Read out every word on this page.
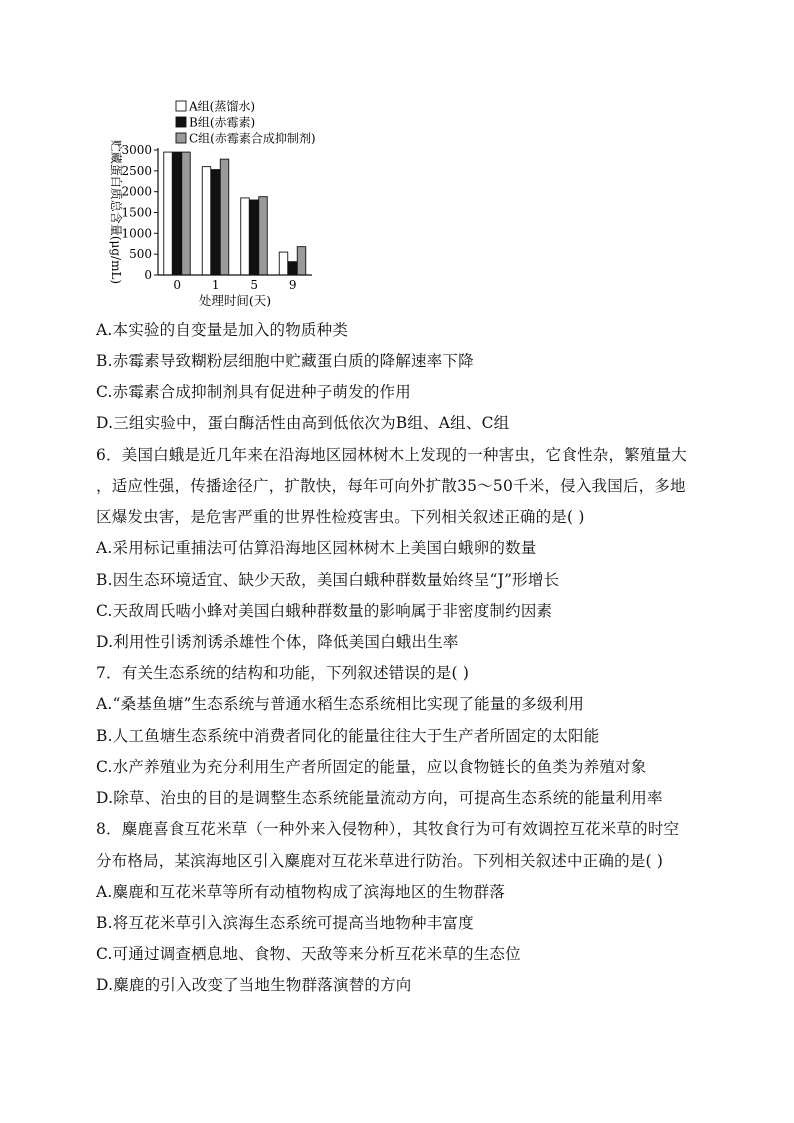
A组(蒸馏水)
B组(赤霉素)
C组(赤霉素合成抑制剂)
贮藏蛋白质总含量(μg/mL) 0
500
1000
1500
2000
2500
3000
0	1	5	9
处理时间(天)
A.本实验的自变量是加入的物质种类
B.赤霉素导致糊粉层细胞中贮藏蛋白质的降解速率下降
C.赤霉素合成抑制剂具有促进种子萌发的作用
D.三组实验中，蛋白酶活性由高到低依次为B组、A组、C组
6．美国白蛾是近几年来在沿海地区园林树木上发现的一种害虫，它食性杂，繁殖量大
，适应性强，传播途径广，扩散快，每年可向外扩散35～50千米，侵入我国后，多地
区爆发虫害，是危害严重的世界性检疫害虫。下列相关叙述正确的是( )
A.采用标记重捕法可估算沿海地区园林树木上美国白蛾卵的数量
B.因生态环境适宜、缺少天敌，美国白蛾种群数量始终呈“J”形增长
C.天敌周氏啮小蜂对美国白蛾种群数量的影响属于非密度制约因素
D.利用性引诱剂诱杀雄性个体，降低美国白蛾出生率
7．有关生态系统的结构和功能，下列叙述错误的是( )
A.“桑基鱼塘”生态系统与普通水稻生态系统相比实现了能量的多级利用
B.人工鱼塘生态系统中消费者同化的能量往往大于生产者所固定的太阳能
C.水产养殖业为充分利用生产者所固定的能量，应以食物链长的鱼类为养殖对象
D.除草、治虫的目的是调整生态系统能量流动方向，可提高生态系统的能量利用率
8．麋鹿喜食互花米草（一种外来入侵物种），其牧食行为可有效调控互花米草的时空
分布格局，某滨海地区引入麋鹿对互花米草进行防治。下列相关叙述中正确的是( )
A.麋鹿和互花米草等所有动植物构成了滨海地区的生物群落
B.将互花米草引入滨海生态系统可提高当地物种丰富度
C.可通过调查栖息地、食物、天敌等来分析互花米草的生态位
D.麋鹿的引入改变了当地生物群落演替的方向
